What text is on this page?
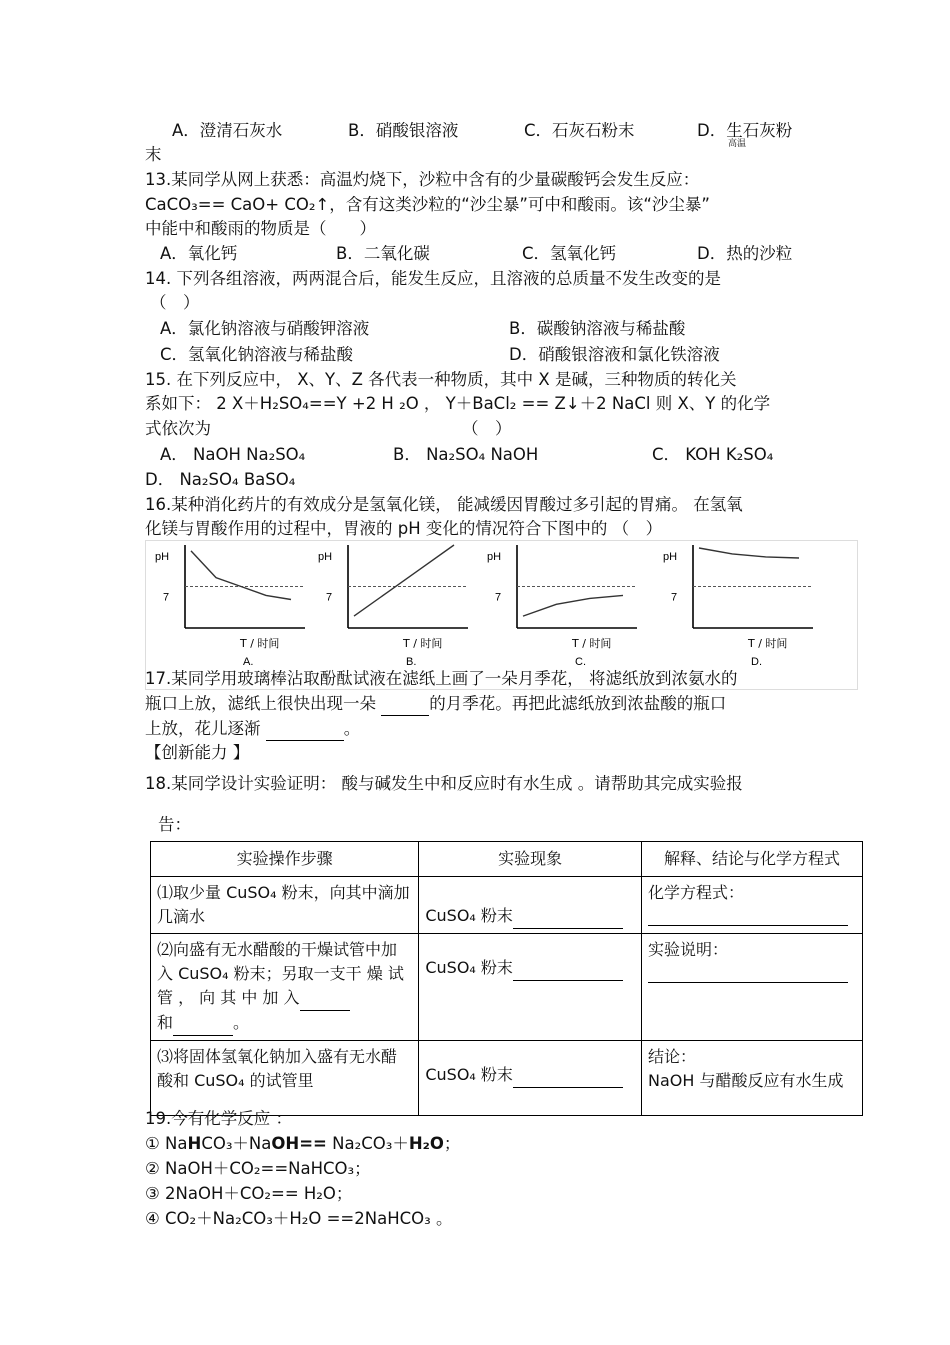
A．澄清石灰水	B．硝酸银溶液	C．石灰石粉末	D．生石灰粉
高温
末
13.某同学从网上获悉：高温灼烧下，沙粒中含有的少量碳酸钙会发生反应：
CaCO₃== CaO+ CO₂↑，含有这类沙粒的“沙尘暴”可中和酸雨。该“沙尘暴”
中能中和酸雨的物质是（　　）
A．氧化钙	B．二氧化碳	C．氢氧化钙	D．热的沙粒
14. 下列各组溶液，两两混合后，能发生反应，且溶液的总质量不发生改变的是
（　）
A．氯化钠溶液与硝酸钾溶液	B．碳酸钠溶液与稀盐酸
C．氢氧化钠溶液与稀盐酸	D．硝酸银溶液和氯化铁溶液
15. 在下列反应中， X、Y、Z 各代表一种物质，其中 X 是碱，三种物质的转化关
系如下： 2 X＋H₂SO₄==Y +2 H ₂O ， Y＋BaCl₂ == Z↓＋2 NaCl 则 X、Y 的化学
式依次为	（　）
A． NaOH Na₂SO₄	B． Na₂SO₄ NaOH	C． KOH K₂SO₄
D． Na₂SO₄ BaSO₄
16.某种消化药片的有效成分是氢氧化镁， 能减缓因胃酸过多引起的胃痛。 在氢氧
化镁与胃酸作用的过程中，胃液的 pH 变化的情况符合下图中的 （　）
pH
7
T / 时间
A.
pH
7
T / 时间
B.
pH
7
T / 时间
C.
pH
7
T / 时间
D.
17.某同学用玻璃棒沾取酚酞试液在滤纸上画了一朵月季花， 将滤纸放到浓氨水的
瓶口上放，滤纸上很快出现一朵	的月季花。再把此滤纸放到浓盐酸的瓶口
上放，花儿逐渐	。
【创新能力 】
18.某同学设计实验证明： 酸与碱发生中和反应时有水生成 。请帮助其完成实验报
告：
实验操作步骤	实验现象	解释、结论与化学方程式
⑴取少量 CuSO₄ 粉末，向其中滴加几滴水	CuSO₄ 粉末	化学方程式：

⑵向盛有无水醋酸的干燥试管中加入 CuSO₄ 粉末；另取一支干 燥 试 管 ， 向 其 中 加 入
和 。	CuSO₄ 粉末	实验说明：

⑶将固体氢氧化钠加入盛有无水醋酸和 CuSO₄ 的试管里	CuSO₄ 粉末	结论：
NaOH 与醋酸反应有水生成
19.今有化学反应 ：
① NaHCO₃＋NaOH== Na₂CO₃＋H₂O；
② NaOH＋CO₂==NaHCO₃；
③ 2NaOH＋CO₂== H₂O；
④ CO₂＋Na₂CO₃＋H₂O ==2NaHCO₃ 。
